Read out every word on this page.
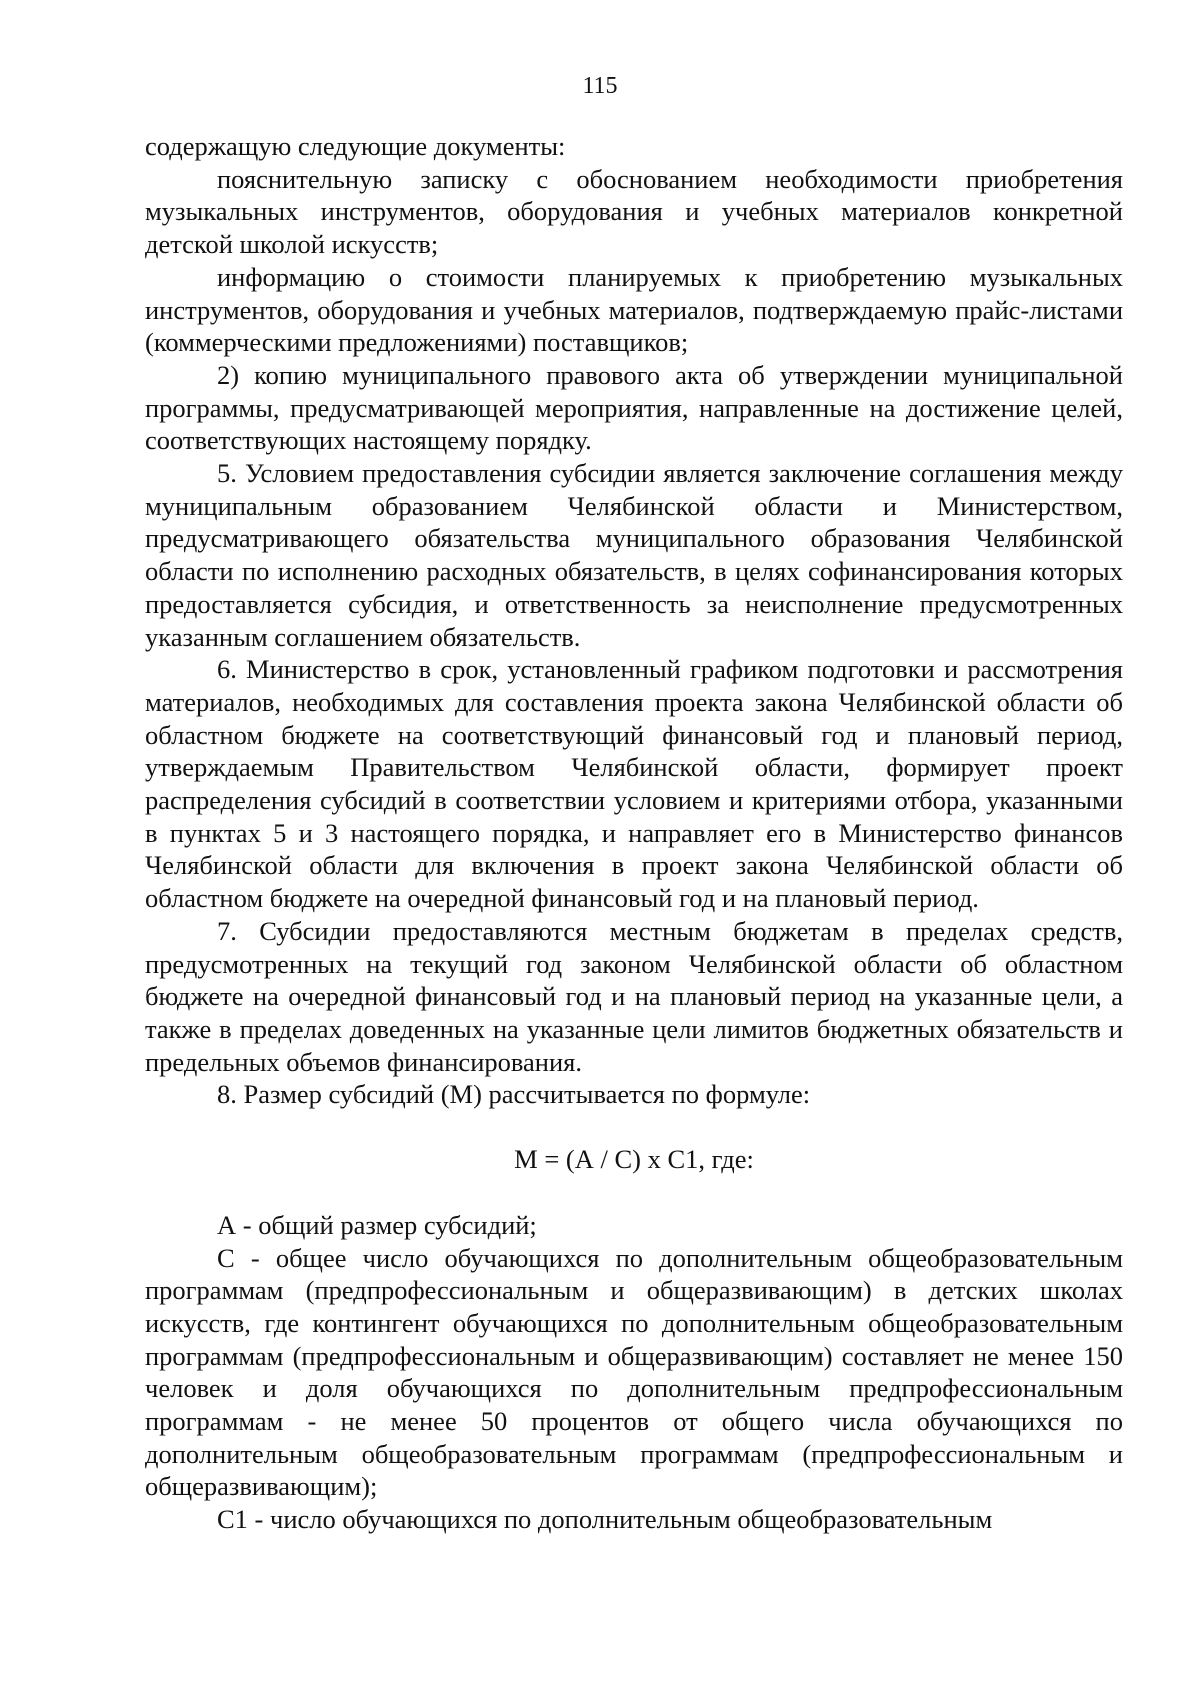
115

содержащую следующие документы:

пояснительную записку с обоснованием необходимости приобретения музыкальных инструментов, оборудования и учебных материалов конкретной детской школой искусств;

информацию о стоимости планируемых к приобретению музыкальных инструментов, оборудования и учебных материалов, подтверждаемую прайс-листами (коммерческими предложениями) поставщиков;

2) копию муниципального правового акта об утверждении муниципальной программы, предусматривающей мероприятия, направленные на достижение целей, соответствующих настоящему порядку.

5. Условием предоставления субсидии является заключение соглашения между муниципальным образованием Челябинской области и Министерством, предусматривающего обязательства муниципального образования Челябинской области по исполнению расходных обязательств, в целях софинансирования которых предоставляется субсидия, и ответственность за неисполнение предусмотренных указанным соглашением обязательств.

6. Министерство в срок, установленный графиком подготовки и рассмотрения материалов, необходимых для составления проекта закона Челябинской области об областном бюджете на соответствующий финансовый год и плановый период, утверждаемым Правительством Челябинской области, формирует проект распределения субсидий в соответствии условием и критериями отбора, указанными в пунктах 5 и 3 настоящего порядка, и направляет его в Министерство финансов Челябинской области для включения в проект закона Челябинской области об областном бюджете на очередной финансовый год и на плановый период.

7. Субсидии предоставляются местным бюджетам в пределах средств, предусмотренных на текущий год законом Челябинской области об областном бюджете на очередной финансовый год и на плановый период на указанные цели, а также в пределах доведенных на указанные цели лимитов бюджетных обязательств и предельных объемов финансирования.

8. Размер субсидий (М) рассчитывается по формуле:

М = (А / С) х С1, где:

А - общий размер субсидий;

С - общее число обучающихся по дополнительным общеобразовательным программам (предпрофессиональным и общеразвивающим) в детских школах искусств, где контингент обучающихся по дополнительным общеобразовательным программам (предпрофессиональным и общеразвивающим) составляет не менее 150 человек и доля обучающихся по дополнительным предпрофессиональным программам - не менее 50 процентов от общего числа обучающихся по дополнительным общеобразовательным программам (предпрофессиональным и общеразвивающим);

С1 - число обучающихся по дополнительным общеобразовательным
